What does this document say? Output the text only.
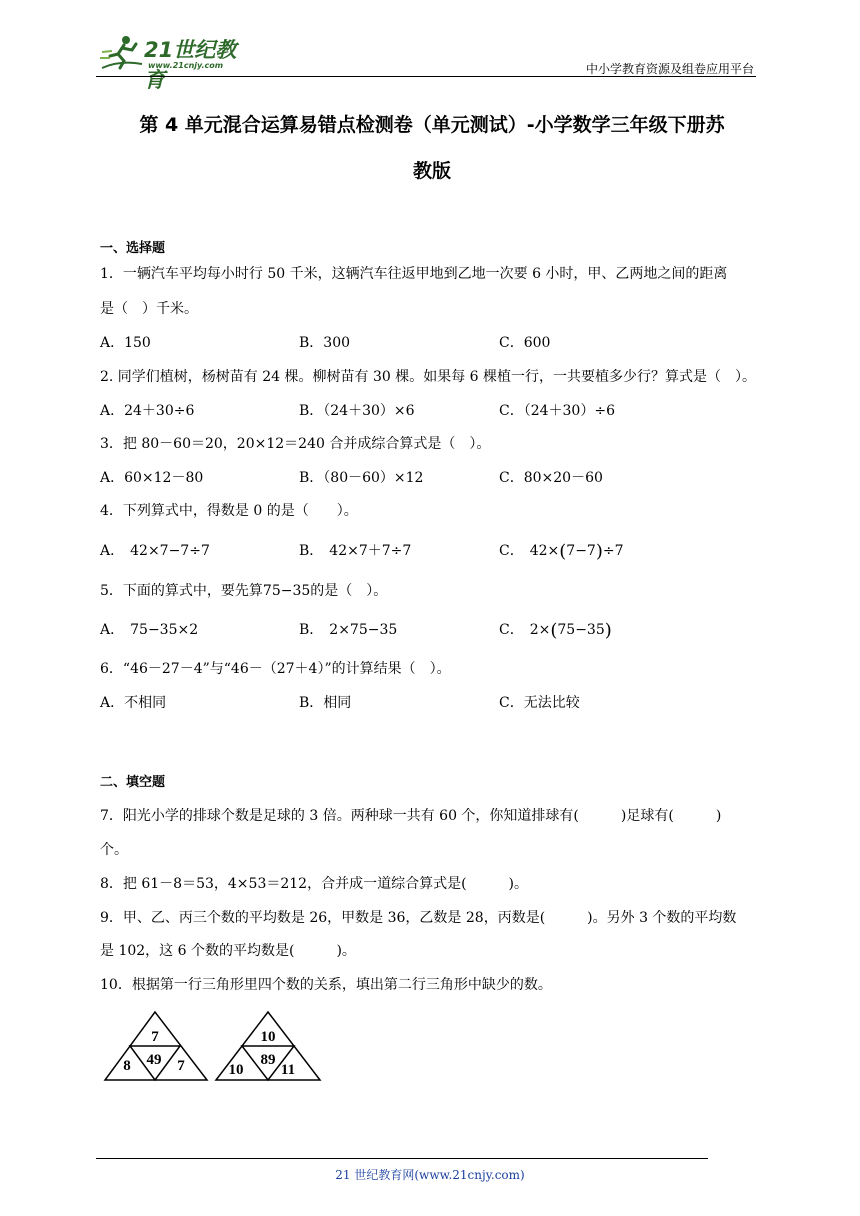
21世纪教育
www.21cnjy.com	中小学教育资源及组卷应用平台
第 4 单元混合运算易错点检测卷（单元测试）-小学数学三年级下册苏
教版
一、选择题
1．一辆汽车平均每小时行 50 千米，这辆汽车往返甲地到乙地一次要 6 小时，甲、乙两地之间的距离
是（　）千米。
A．150	B．300	C．600
2. 同学们植树，杨树苗有 24 棵。柳树苗有 30 棵。如果每 6 棵植一行，一共要植多少行？算式是（　）。
A．24＋30÷6	B．（24＋30）×6	C．（24＋30）÷6
3．把 80－60＝20，20×12＝240 合并成综合算式是（　）。
A．60×12－80	B．（80－60）×12	C．80×20－60
4．下列算式中，得数是 0 的是（　　）。
A． 42×7−7÷7	B． 42×7＋7÷7	C． 42×(7−7)÷7
5．下面的算式中，要先算75−35的是（　）。
A． 75−35×2	B． 2×75−35	C． 2×(75−35)
6．“46－27－4”与“46－（27＋4）”的计算结果（　）。
A．不相同	B．相同	C．无法比较
二、填空题
7．阳光小学的排球个数是足球的 3 倍。两种球一共有 60 个，你知道排球有(　　　)足球有(　　　)
个。
8．把 61－8＝53，4×53＝212，合并成一道综合算式是(　　　)。
9．甲、乙、丙三个数的平均数是 26，甲数是 36，乙数是 28，丙数是(　　　)。另外 3 个数的平均数
是 102，这 6 个数的平均数是(　　　)。
10．根据第一行三角形里四个数的关系，填出第二行三角形中缺少的数。
7
49
8	7
10
89
10 11
21 世纪教育网(www.21cnjy.com)
